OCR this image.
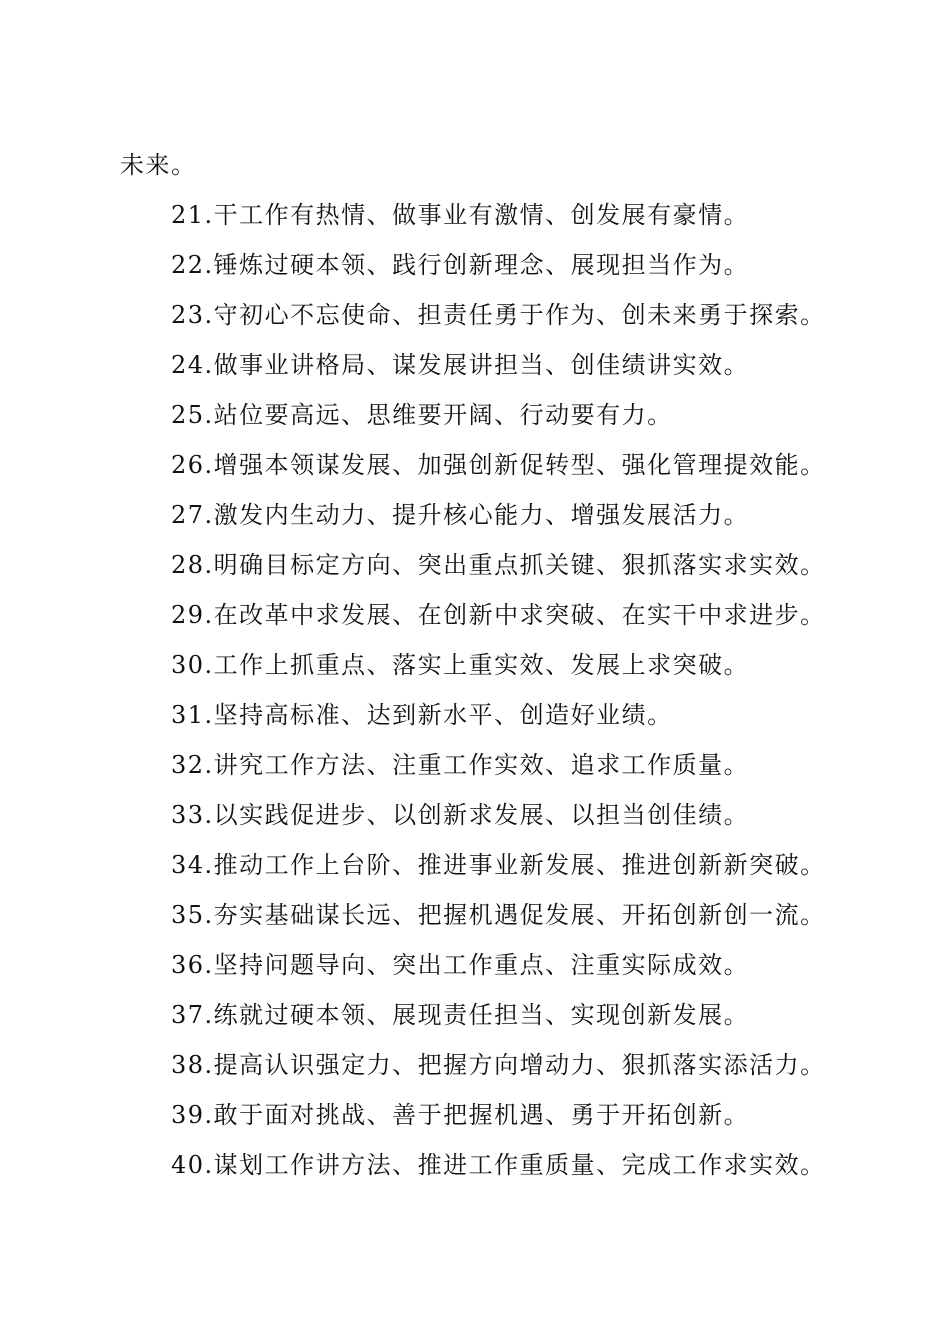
未来。
21.干工作有热情、做事业有激情、创发展有豪情。
22.锤炼过硬本领、践行创新理念、展现担当作为。
23.守初心不忘使命、担责任勇于作为、创未来勇于探索。
24.做事业讲格局、谋发展讲担当、创佳绩讲实效。
25.站位要高远、思维要开阔、行动要有力。
26.增强本领谋发展、加强创新促转型、强化管理提效能。
27.激发内生动力、提升核心能力、增强发展活力。
28.明确目标定方向、突出重点抓关键、狠抓落实求实效。
29.在改革中求发展、在创新中求突破、在实干中求进步。
30.工作上抓重点、落实上重实效、发展上求突破。
31.坚持高标准、达到新水平、创造好业绩。
32.讲究工作方法、注重工作实效、追求工作质量。
33.以实践促进步、以创新求发展、以担当创佳绩。
34.推动工作上台阶、推进事业新发展、推进创新新突破。
35.夯实基础谋长远、把握机遇促发展、开拓创新创一流。
36.坚持问题导向、突出工作重点、注重实际成效。
37.练就过硬本领、展现责任担当、实现创新发展。
38.提高认识强定力、把握方向增动力、狠抓落实添活力。
39.敢于面对挑战、善于把握机遇、勇于开拓创新。
40.谋划工作讲方法、推进工作重质量、完成工作求实效。
